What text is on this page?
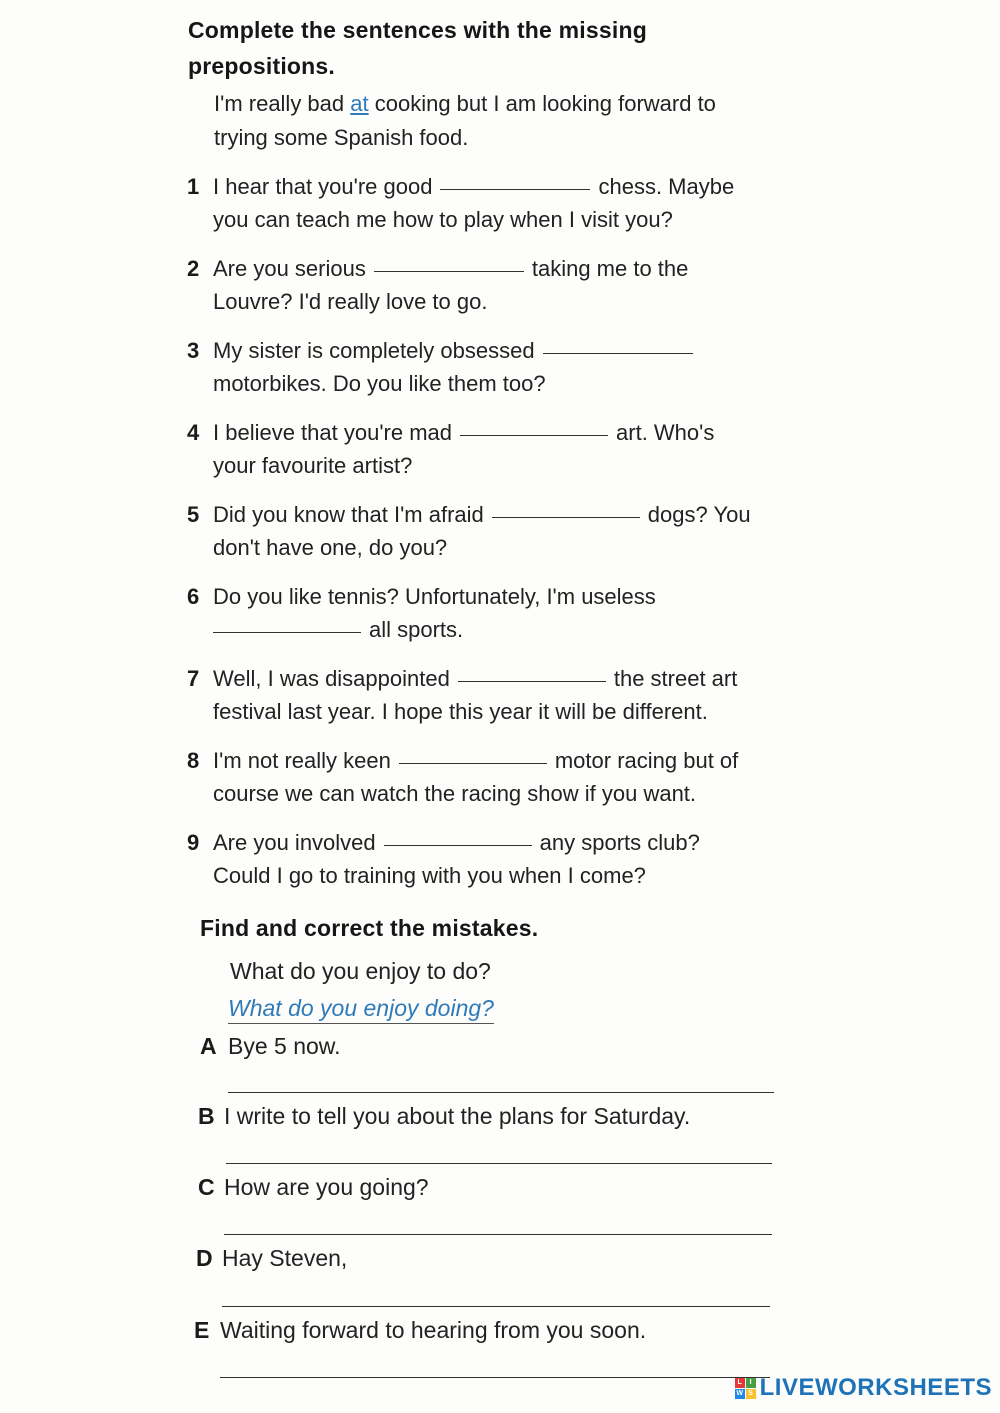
Complete the sentences with the missing
prepositions.
I'm really bad at cooking but I am looking forward to
trying some Spanish food.
1 I hear that you're good	chess. Maybe
you can teach me how to play when I visit you?
2 Are you serious	taking me to the
Louvre? I'd really love to go.
3 My sister is completely obsessed
motorbikes. Do you like them too?
4 I believe that you're mad	art. Who's
your favourite artist?
5 Did you know that I'm afraid	dogs? You
don't have one, do you?
6 Do you like tennis? Unfortunately, I'm useless
all sports.
7 Well, I was disappointed	the street art
festival last year. I hope this year it will be different.
8 I'm not really keen	motor racing but of
course we can watch the racing show if you want.
9 Are you involved	any sports club?
Could I go to training with you when I come?
Find and correct the mistakes.
What do you enjoy to do?
What do you enjoy doing?
A Bye 5 now.
B I write to tell you about the plans for Saturday.
C How are you going?
D Hay Steven,
E Waiting forward to hearing from you soon.
L	I
W S LIVEWORKSHEETS
